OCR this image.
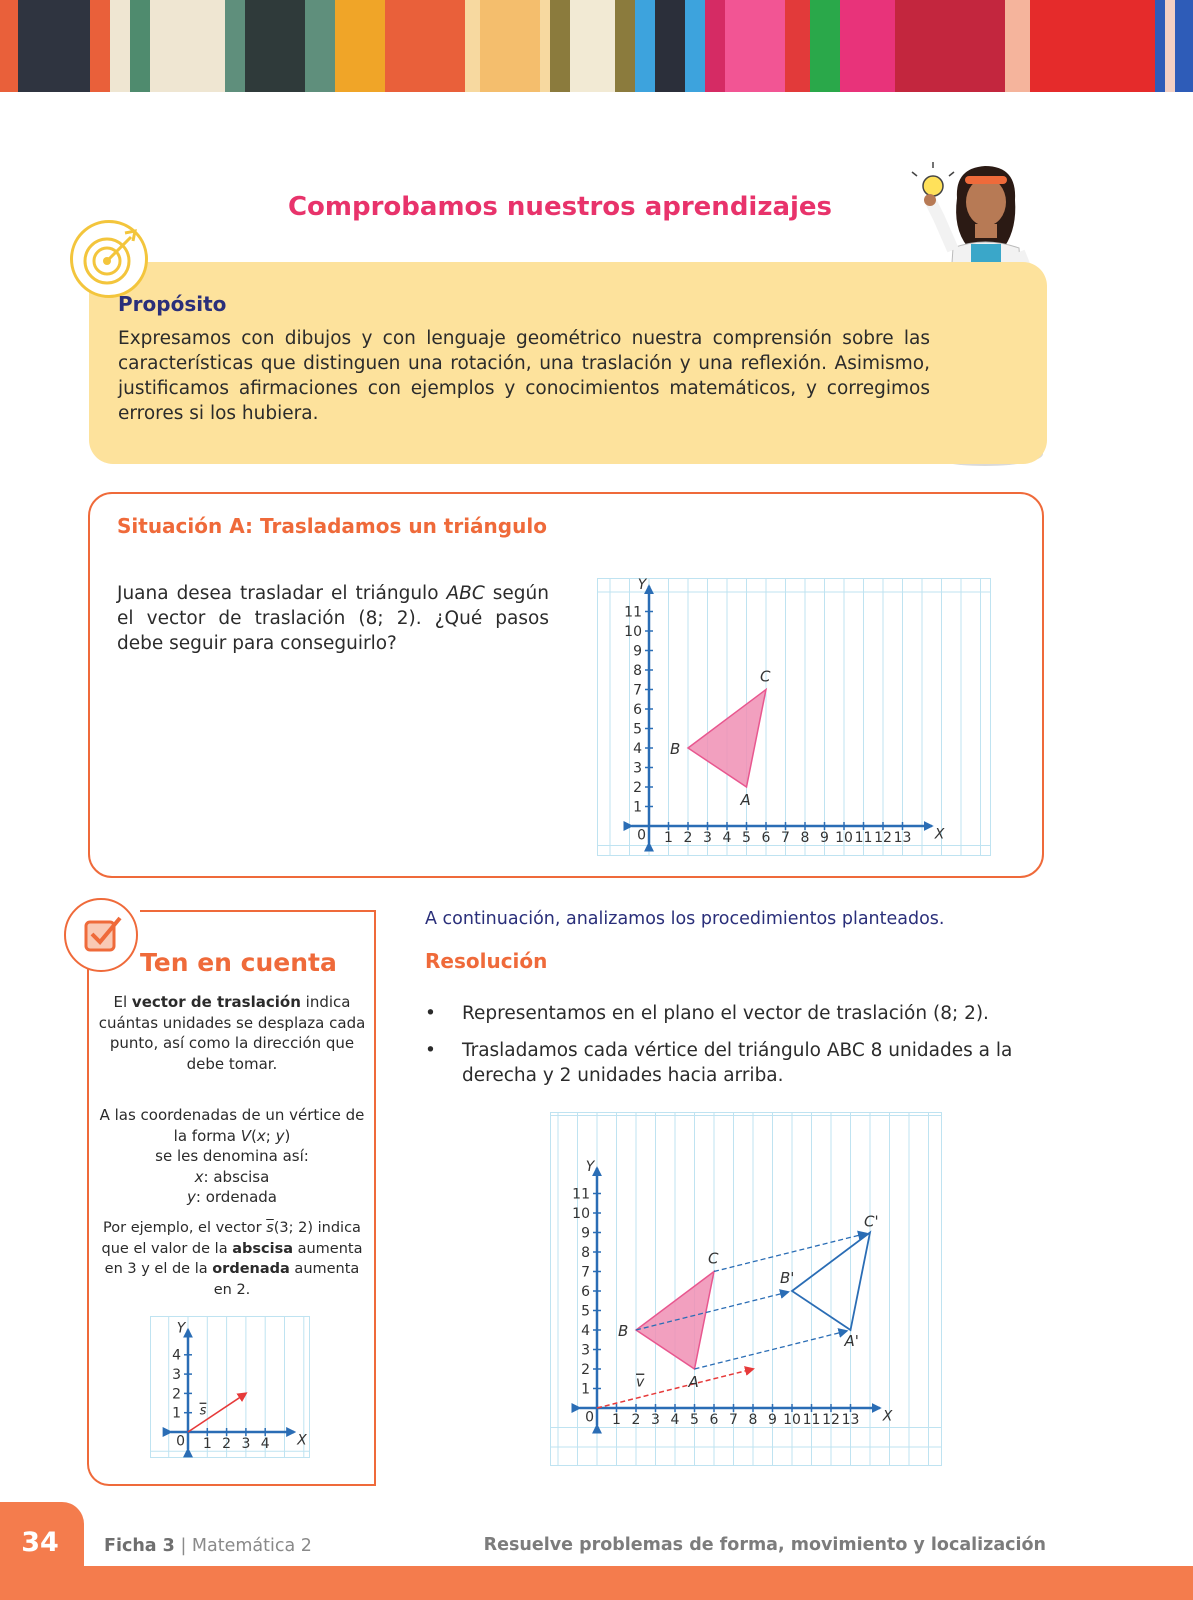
Comprobamos nuestros aprendizajes
Propósito
Expresamos con dibujos y con lenguaje geométrico nuestra comprensión sobre las características que distinguen una rotación, una traslación y una reflexión. Asimismo, justificamos afirmaciones con ejemplos y conocimientos matemáticos, y corregimos errores si los hubiera.
Situación A: Trasladamos un triángulo
Juana desea trasladar el triángulo ABC según el vector de traslación (8; 2). ¿Qué pasos debe seguir para conseguirlo?
X
Y
0 1 2 3 4 5 6 7 8 9 10 11 12 13
1
2
3
4
5
6
7
8
9
10
11
A
B
C
Ten en cuenta
El vector de traslación indica cuántas unidades se desplaza cada punto, así como la dirección que debe tomar.
A las coordenadas de un vértice de la forma V(x; y)
se les denomina así:
x: abscisa
y: ordenada
Por ejemplo, el vector $\overline{s}(3$; 2) indica que el valor de la abscisa aumenta en 3 y el de la ordenada aumenta en 2.
X
Y
0 1 2 3 4
1
2
3
4
s
A continuación, analizamos los procedimientos planteados.
Resolución
• Representamos en el plano el vector de traslación (8; 2).
• Trasladamos cada vértice del triángulo ABC 8 unidades a la derecha y 2 unidades hacia arriba.
X
Y
0 1 2 3 4 5 6 7 8 9 10 11 12 13
1
2
3
4
5
6
7
8
9
10
11
v	A
B
C
A'
B'
C'
34	Ficha 3 | Matemática 2	Resuelve problemas de forma, movimiento y localización
